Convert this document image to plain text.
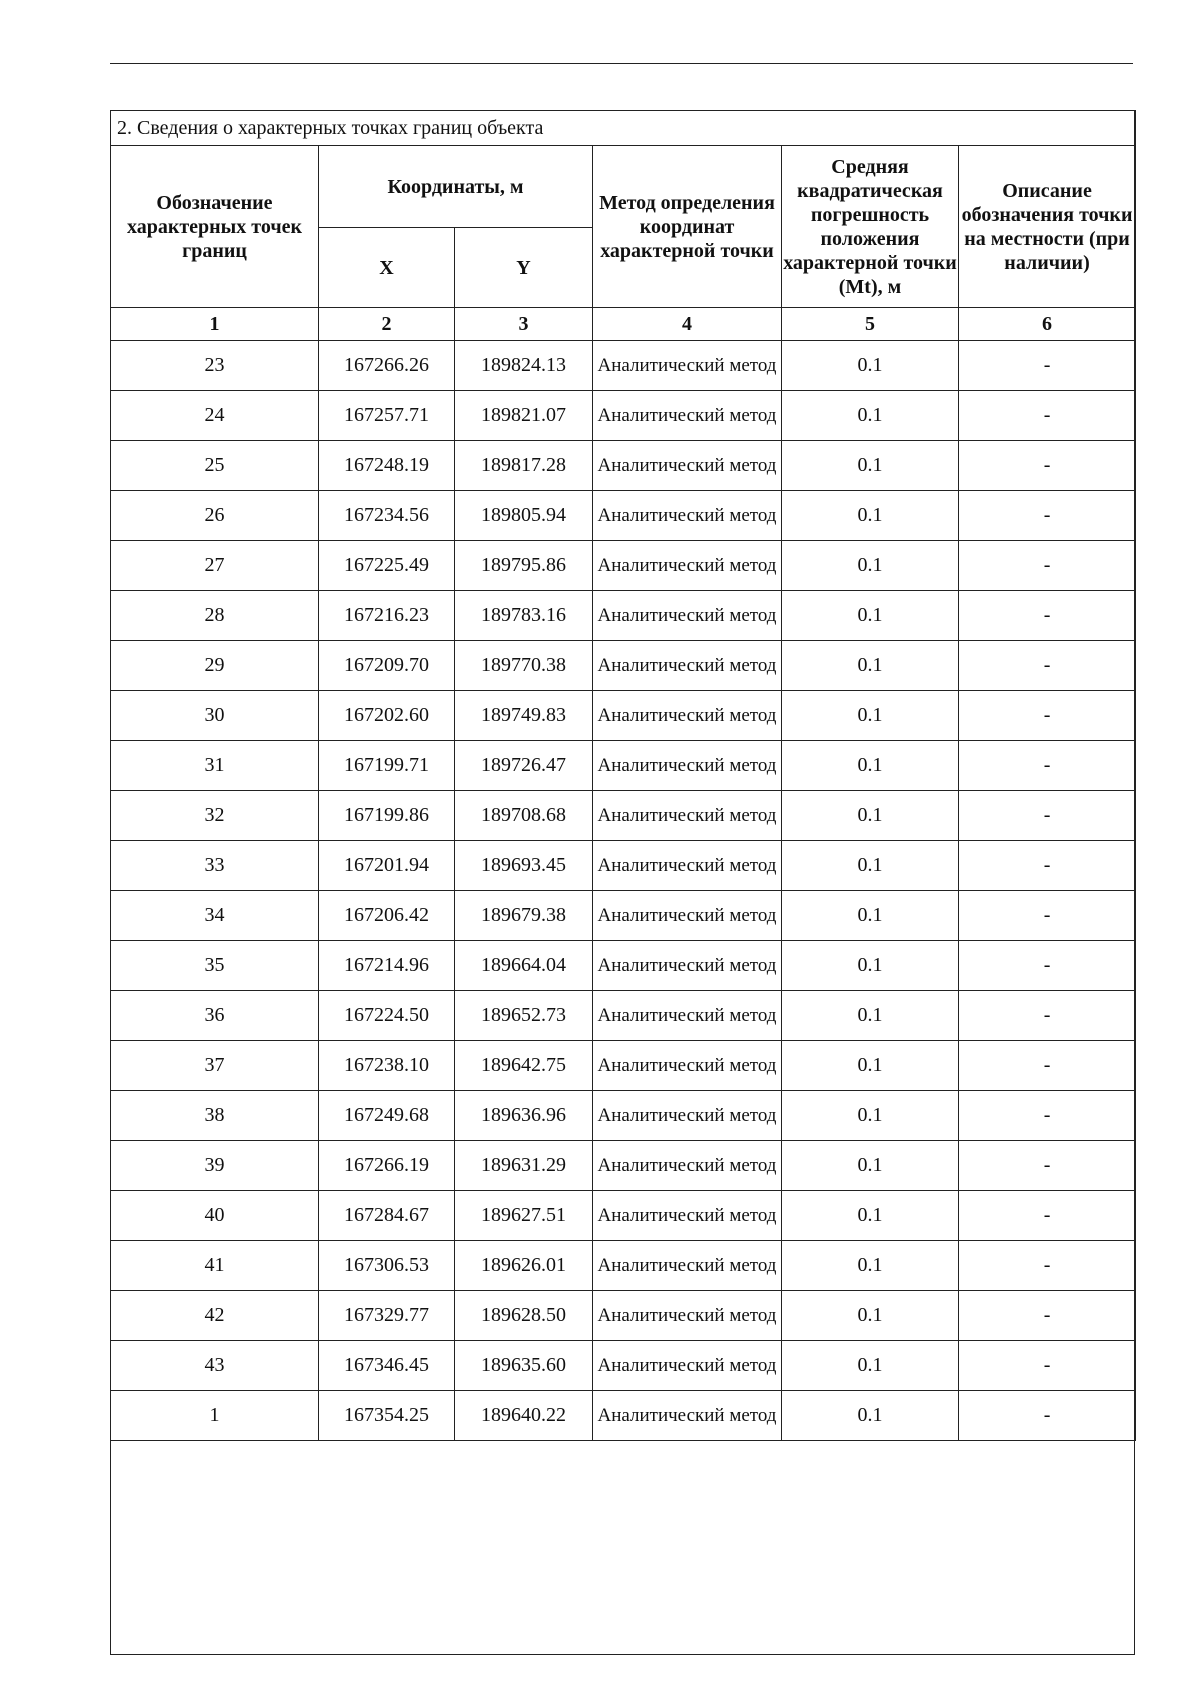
2. Сведения о характерных точках границ объекта					
Обозначение характерных точек границ	Координаты, м		Метод определения координат характерной точки	Средняя квадратическая погрешность положения характерной точки (Mt), м	Описание обозначения точки на местности (при наличии)
	X	Y			
1	2	3	4	5	6
23	167266.26	189824.13	Аналитический метод	0.1	-
24	167257.71	189821.07	Аналитический метод	0.1	-
25	167248.19	189817.28	Аналитический метод	0.1	-
26	167234.56	189805.94	Аналитический метод	0.1	-
27	167225.49	189795.86	Аналитический метод	0.1	-
28	167216.23	189783.16	Аналитический метод	0.1	-
29	167209.70	189770.38	Аналитический метод	0.1	-
30	167202.60	189749.83	Аналитический метод	0.1	-
31	167199.71	189726.47	Аналитический метод	0.1	-
32	167199.86	189708.68	Аналитический метод	0.1	-
33	167201.94	189693.45	Аналитический метод	0.1	-
34	167206.42	189679.38	Аналитический метод	0.1	-
35	167214.96	189664.04	Аналитический метод	0.1	-
36	167224.50	189652.73	Аналитический метод	0.1	-
37	167238.10	189642.75	Аналитический метод	0.1	-
38	167249.68	189636.96	Аналитический метод	0.1	-
39	167266.19	189631.29	Аналитический метод	0.1	-
40	167284.67	189627.51	Аналитический метод	0.1	-
41	167306.53	189626.01	Аналитический метод	0.1	-
42	167329.77	189628.50	Аналитический метод	0.1	-
43	167346.45	189635.60	Аналитический метод	0.1	-
1	167354.25	189640.22	Аналитический метод	0.1	-
